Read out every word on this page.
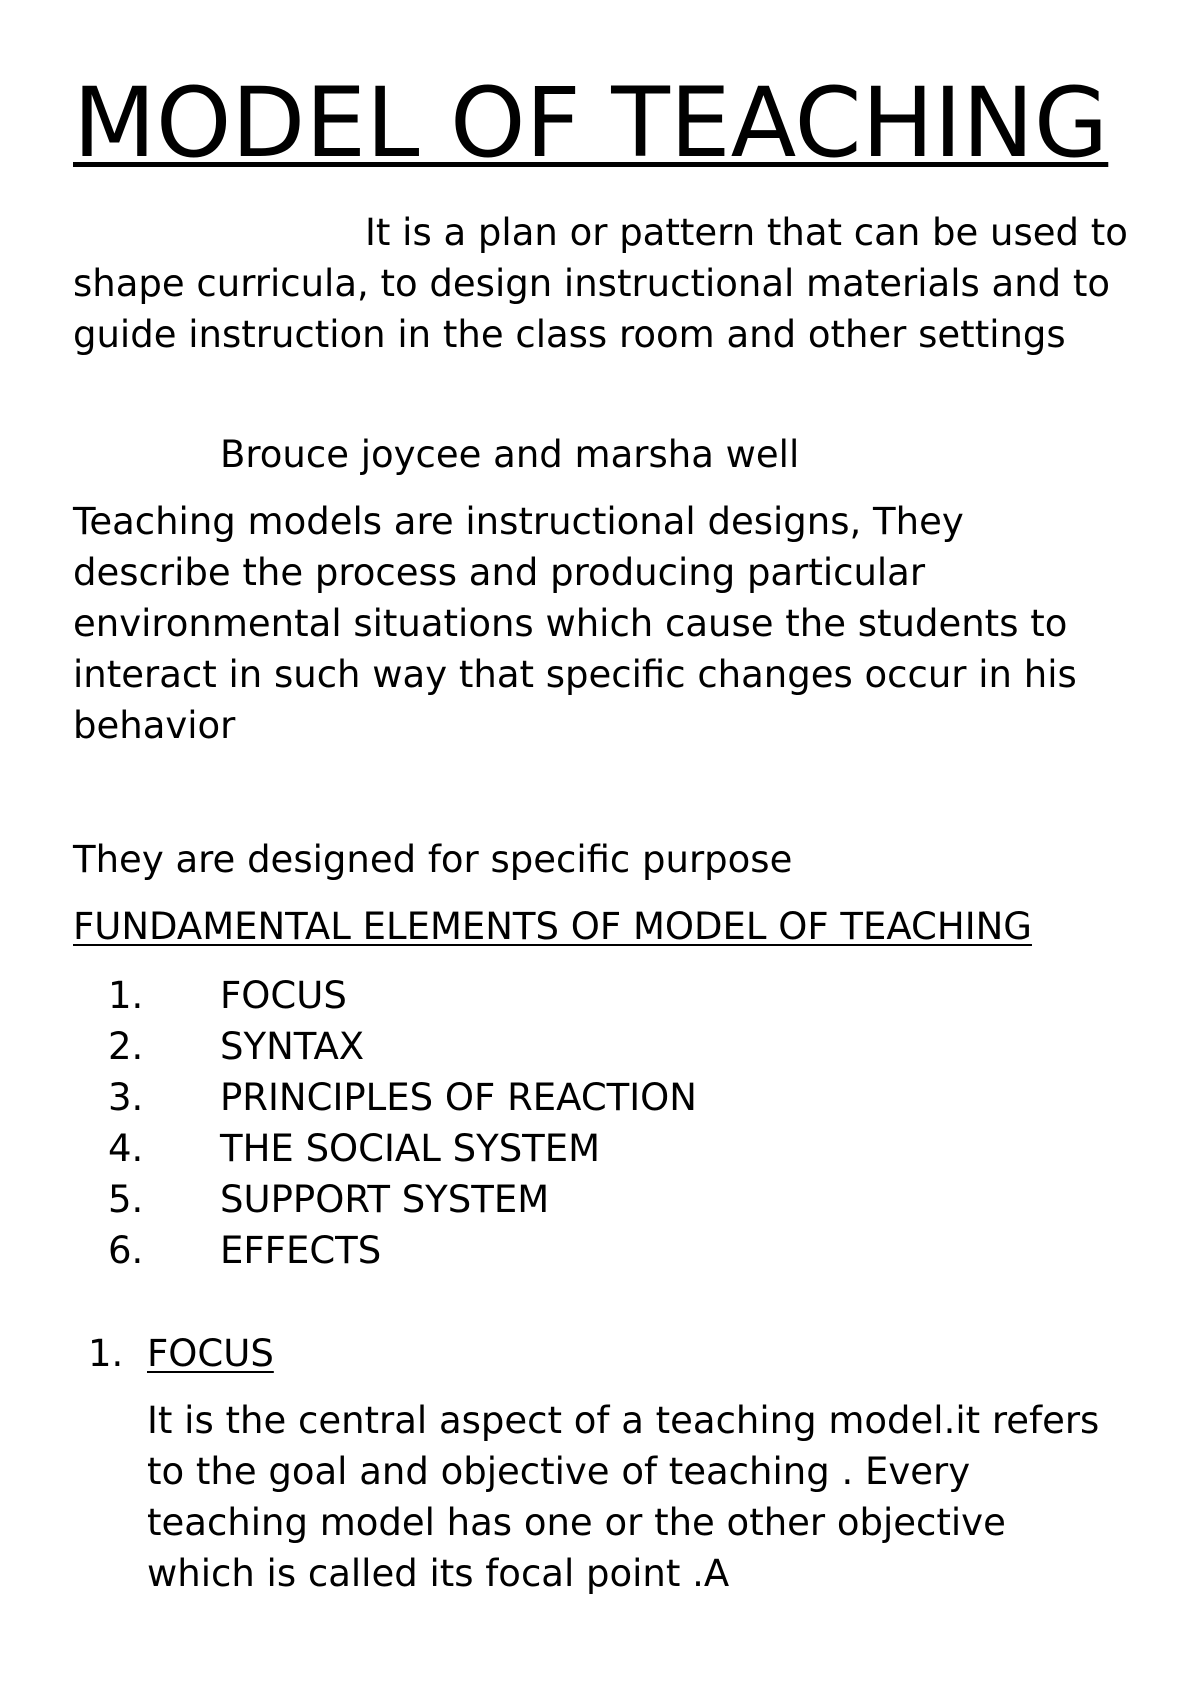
MODEL OF TEACHING

It is a plan or pattern that can be used to shape curricula, to design instructional materials and to guide instruction in the class room and other settings

Brouce joycee and marsha well

Teaching models are instructional designs, They describe the process and producing particular environmental situations which cause the students to interact in such way that specific changes occur in his behavior

They are designed for specific purpose

FUNDAMENTAL ELEMENTS OF MODEL OF TEACHING
1. FOCUS
2. SYNTAX
3. PRINCIPLES OF REACTION
4. THE SOCIAL SYSTEM
5. SUPPORT SYSTEM
6. EFFECTS
1. FOCUS

It is the central aspect of a teaching model.it refers to the goal and objective of teaching . Every teaching model has one or the other objective which is called its focal point .A
